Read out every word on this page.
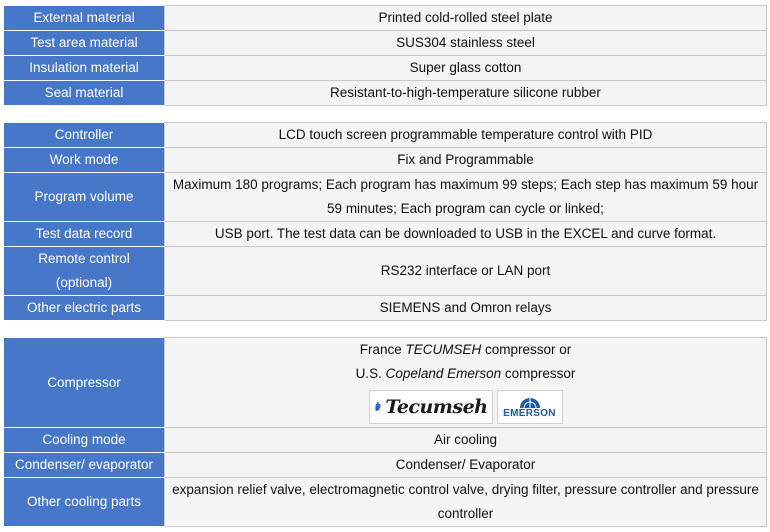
External material	Printed cold-rolled steel plate
Test area material	SUS304 stainless steel
Insulation material	Super glass cotton
Seal material	Resistant-to-high-temperature silicone rubber
Controller	LCD touch screen programmable temperature control with PID
Work mode	Fix and Programmable
Program volume	Maximum 180 programs; Each program has maximum 99 steps; Each step has maximum 59 hour 59 minutes; Each program can cycle or linked;
Test data record	USB port. The test data can be downloaded to USB in the EXCEL and curve format.
Remote control (optional)	RS232 interface or LAN port
Other electric parts	SIEMENS and Omron relays
Compressor	France TECUMSEH compressor or
U.S. Copeland Emerson compressor
Tecumseh EMERSON

Cooling mode	Air cooling
Condenser/ evaporator	Condenser/ Evaporator
Other cooling parts	expansion relief valve, electromagnetic control valve, drying filter, pressure controller and pressure controller
